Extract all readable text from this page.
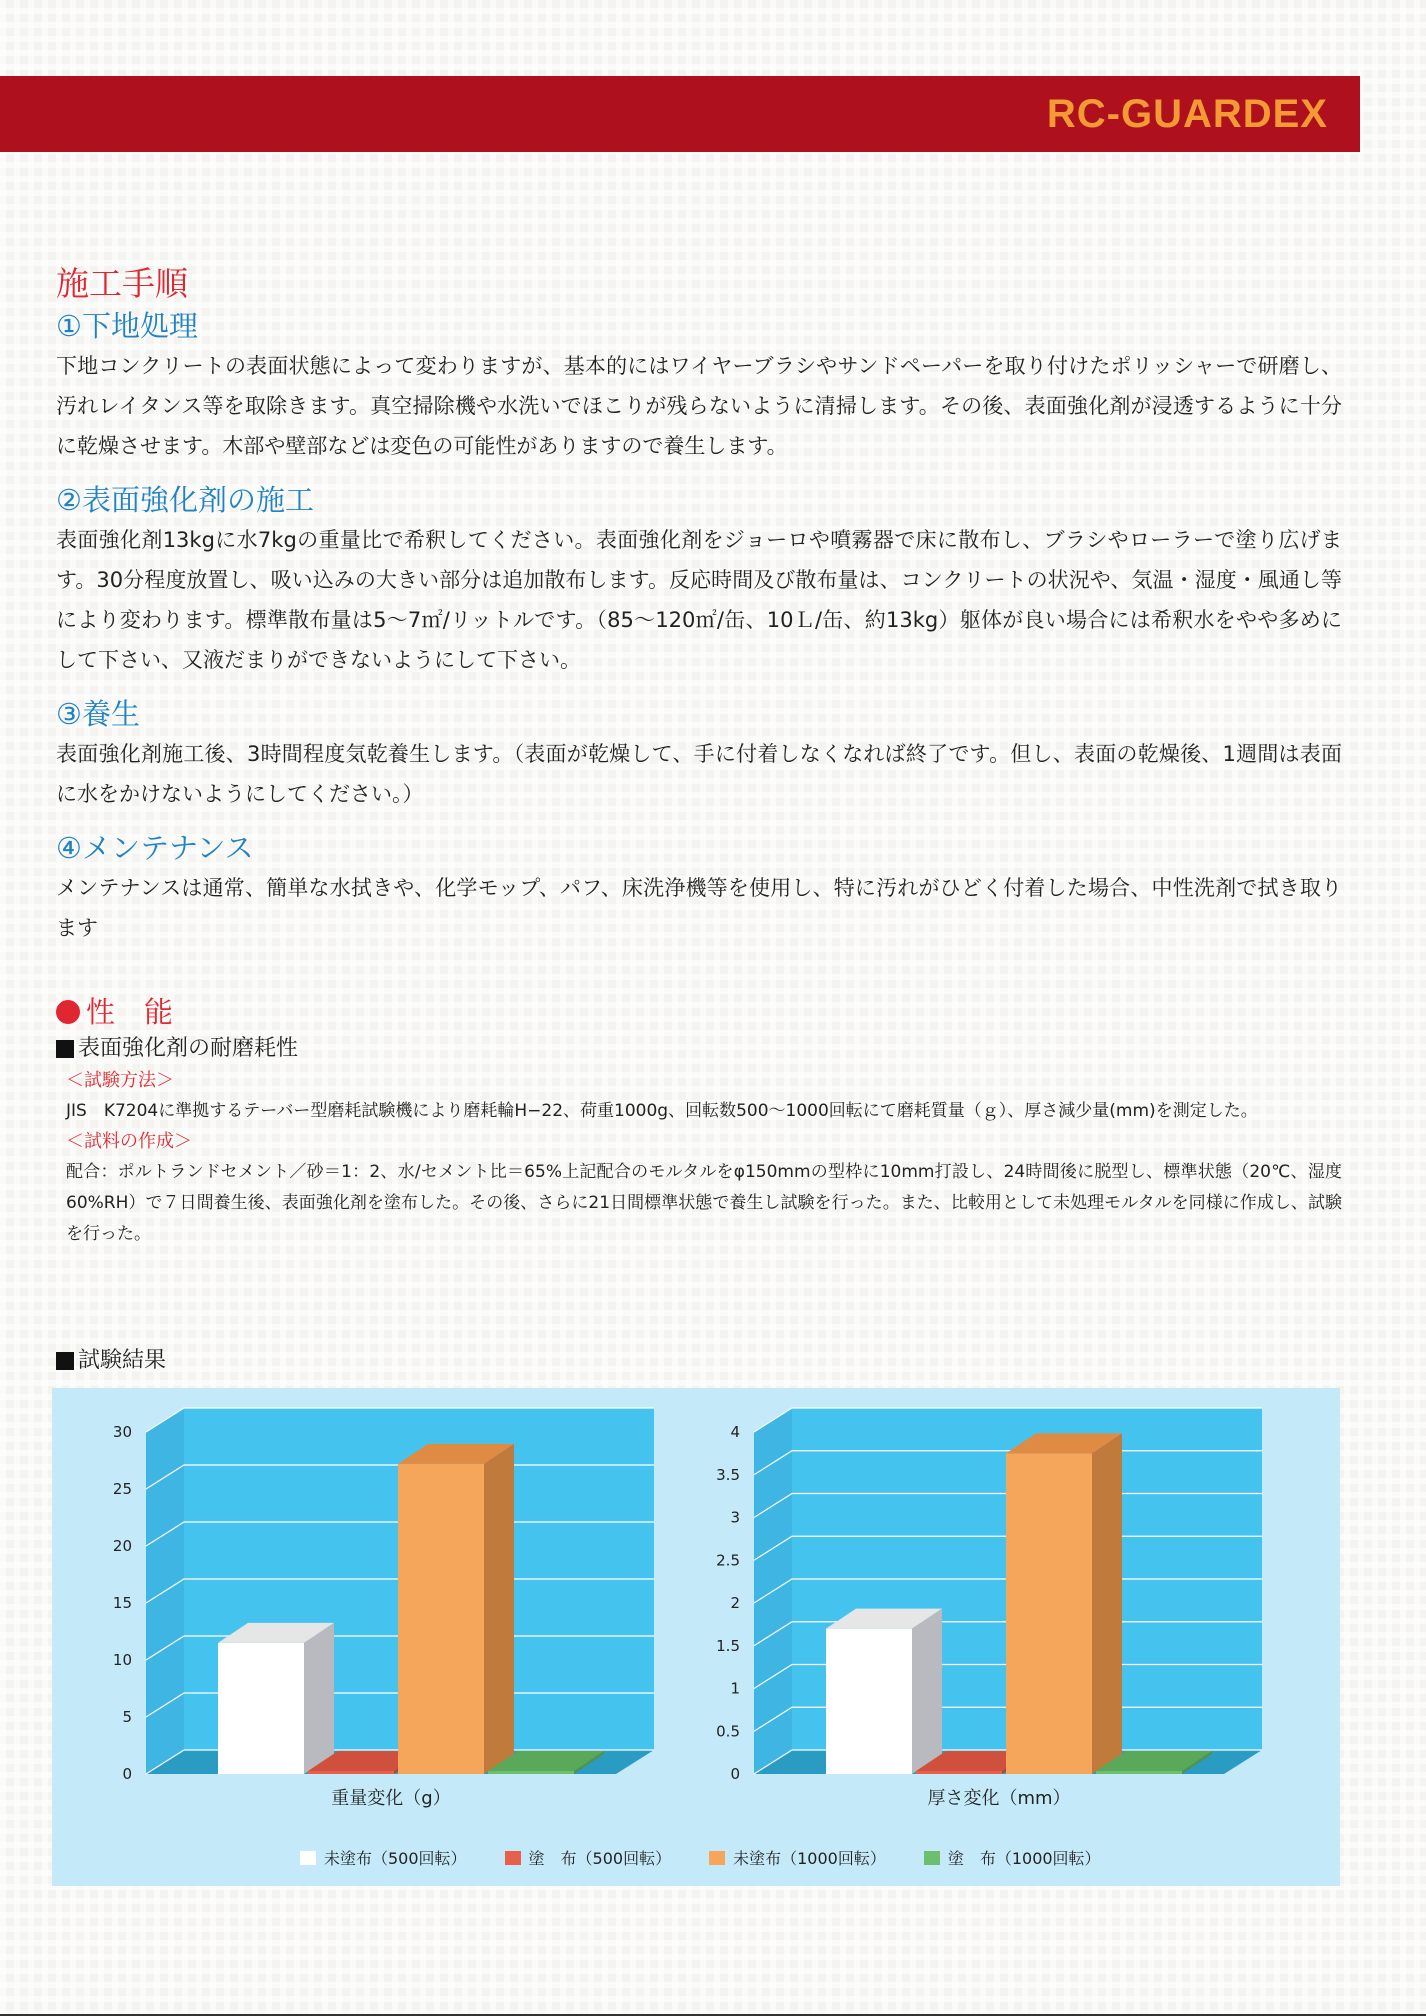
RC-GUARDEX
施工手順
①下地処理

下地コンクリートの表面状態によって変わりますが、基本的にはワイヤーブラシやサンドペーパーを取り付けたポリッシャーで研磨し、汚れレイタンス等を取除きます。真空掃除機や水洗いでほこりが残らないように清掃します。その後、表面強化剤が浸透するように十分に乾燥させます。木部や壁部などは変色の可能性がありますので養生します。

②表面強化剤の施工

表面強化剤13kgに水7kgの重量比で希釈してください。表面強化剤をジョーロや噴霧器で床に散布し、ブラシやローラーで塗り広げます。30分程度放置し、吸い込みの大きい部分は追加散布します。反応時間及び散布量は、コンクリートの状況や、気温・湿度・風通し等により変わります。標準散布量は5〜7㎡/リットルです。（85〜120㎡/缶、10Ｌ/缶、約13kg）躯体が良い場合には希釈水をやや多めにして下さい、又液だまりができないようにして下さい。

③養生

表面強化剤施工後、3時間程度気乾養生します。（表面が乾燥して、手に付着しなくなれば終了です。但し、表面の乾燥後、1週間は表面に水をかけないようにしてください。）

④メンテナンス

メンテナンスは通常、簡単な水拭きや、化学モップ、パフ、床洗浄機等を使用し、特に汚れがひどく付着した場合、中性洗剤で拭き取ります

性　能
表面強化剤の耐磨耗性
＜試験方法＞

JIS　K7204に準拠するテーバー型磨耗試験機により磨耗輪H−22、荷重1000g、回転数500〜1000回転にて磨耗質量（ｇ）、厚さ減少量(mm)を測定した。

＜試料の作成＞

配合：ポルトランドセメント／砂＝1：2、水/セメント比＝65%上記配合のモルタルをφ150mmの型枠に10mm打設し、24時間後に脱型し、標準状態（20℃、湿度60%RH）で７日間養生後、表面強化剤を塗布した。その後、さらに21日間標準状態で養生し試験を行った。また、比較用として未処理モルタルを同様に作成し、試験を行った。

試験結果
0
5
10
15
20
25
30
重量変化（g）
0
0.5
1
1.5
2
2.5
3
3.5
4
厚さ変化（mm）
未塗布（500回転）	塗　布（500回転）	未塗布（1000回転）	塗　布（1000回転）
